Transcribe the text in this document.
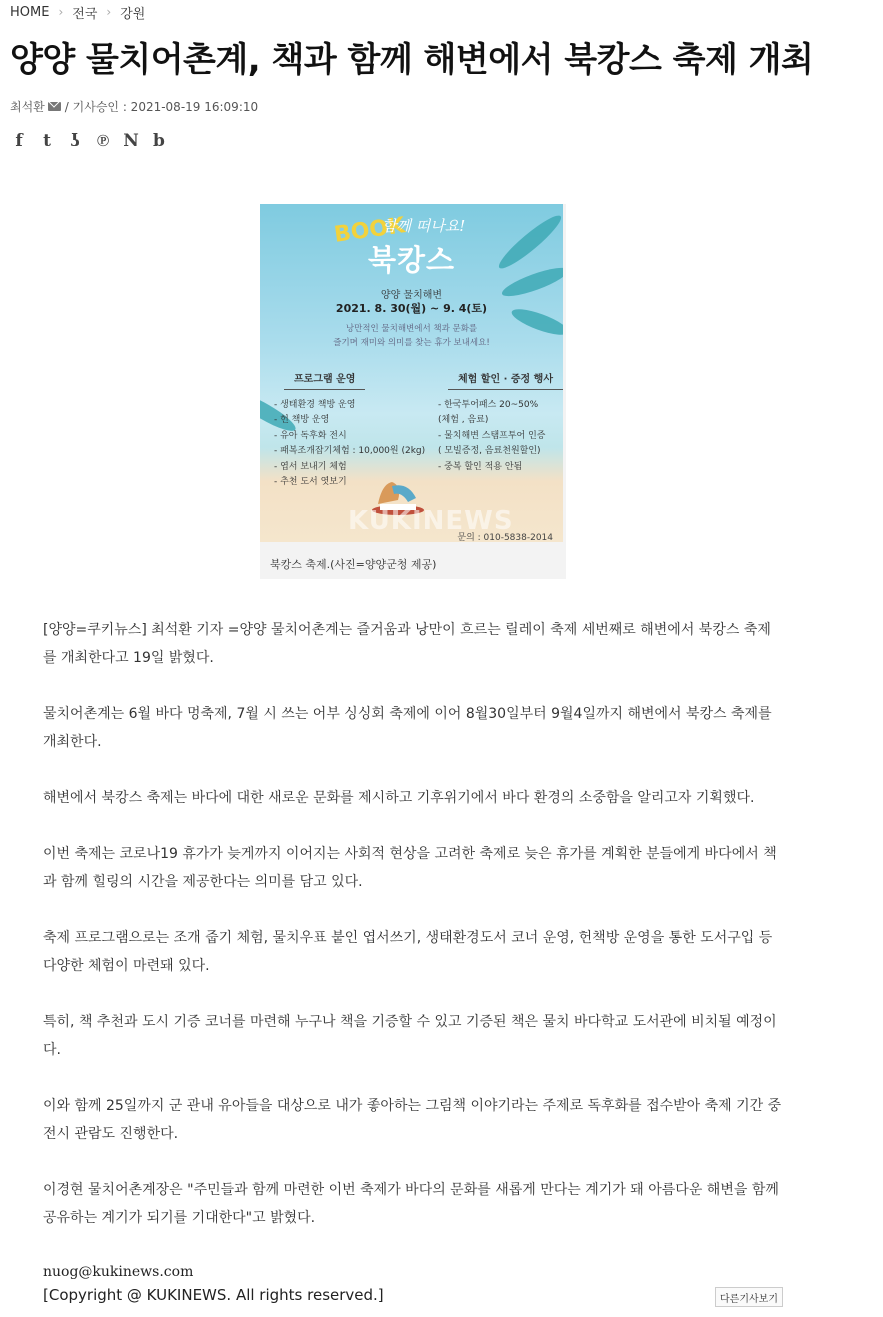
HOME › 전국 › 강원
양양 물치어촌계, 책과 함께 해변에서 북캉스 축제 개최
최석환 / 기사승인 : 2021-08-19 16:09:10
f	t	ʖ ℗ N b
BOOK
함께 떠나요!
북캉스
양양 물치해변
2021. 8. 30(월) ~ 9. 4(토)
낭만적인 물치해변에서 책과 문화를
즐기며 재미와 의미를 찾는 휴가 보내세요!
프로그램 운영
- 생태환경 책방 운영
- 헌 책방 운영
- 유아 독후화 전시
- 패복조개잡기체험 : 10,000원 (2kg)
- 엽서 보내기 체험
- 추천 도서 엿보기
체험 할인 · 증정 행사
- 한국투어패스 20~50%
(체험 , 음료)
- 물치해변 스탬프투어 인증
( 모빌증정, 음료천원할인)
- 중복 할인 적용 안됨
KUKINEWS
문의 : 010-5838-2014
북캉스 축제.(사진=양양군청 제공)

[양양=쿠키뉴스] 최석환 기자 =양양 물치어촌계는 즐거움과 낭만이 흐르는 릴레이 축제 세번째로 해변에서 북캉스 축제를 개최한다고 19일 밝혔다.

물치어촌계는 6월 바다 멍축제, 7월 시 쓰는 어부 싱싱회 축제에 이어 8월30일부터 9월4일까지 해변에서 북캉스 축제를 개최한다.

해변에서 북캉스 축제는 바다에 대한 새로운 문화를 제시하고 기후위기에서 바다 환경의 소중함을 알리고자 기획했다.

이번 축제는 코로나19 휴가가 늦게까지 이어지는 사회적 현상을 고려한 축제로 늦은 휴가를 계획한 분들에게 바다에서 책과 함께 힐링의 시간을 제공한다는 의미를 담고 있다.

축제 프로그램으로는 조개 줍기 체험, 물치우표 붙인 엽서쓰기, 생태환경도서 코너 운영, 헌책방 운영을 통한 도서구입 등 다양한 체험이 마련돼 있다.

특히, 책 추천과 도시 기증 코너를 마련해 누구나 책을 기증할 수 있고 기증된 책은 물치 바다학교 도서관에 비치될 예정이다.

이와 함께 25일까지 군 관내 유아들을 대상으로 내가 좋아하는 그림책 이야기라는 주제로 독후화를 접수받아 축제 기간 중 전시 관람도 진행한다.

이경현 물치어촌계장은 "주민들과 함께 마련한 이번 축제가 바다의 문화를 새롭게 만다는 계기가 돼 아름다운 해변을 함께 공유하는 계기가 되기를 기대한다"고 밝혔다.

nuog@kukinews.com
[Copyright @ KUKINEWS. All rights reserved.]	다른기사보기
